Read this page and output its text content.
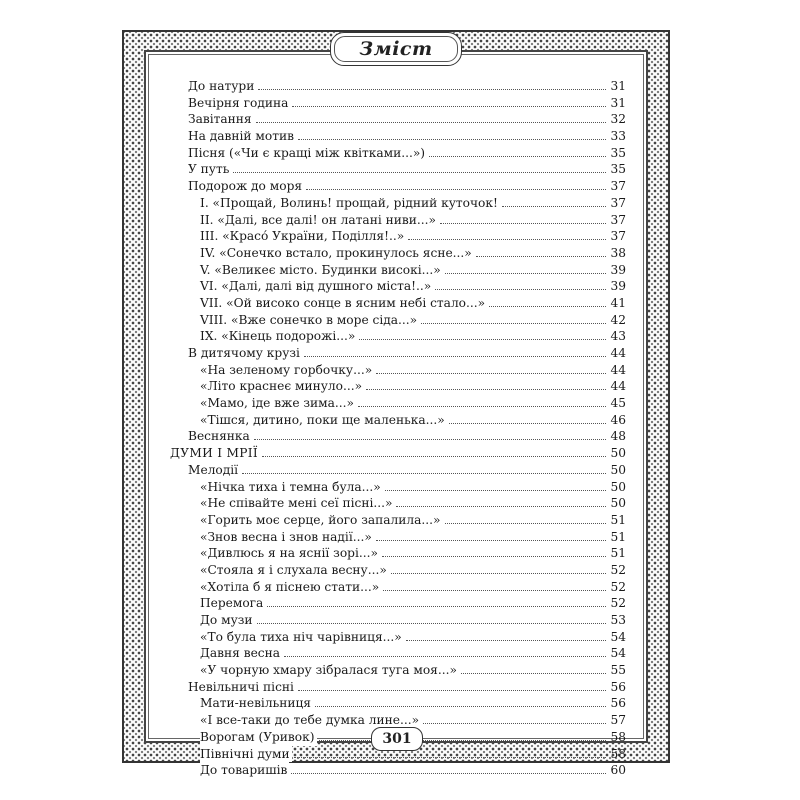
Зміст
До натури	31
Вечірня година	31
Завітання	32
На давній мотив	33
Пісня («Чи є кращі між квітками...»)	35
У путь	35
Подорож до моря	37
I. «Прощай, Волинь! прощай, рідний куточок!	37
II. «Далі, все далі! он латані ниви...»	37
III. «Красо́ України, Поділля!..»	37
IV. «Сонечко встало, прокинулось ясне...»	38
V. «Великеє місто. Будинки високі...»	39
VI. «Далі, далі від душного міста!..»	39
VII. «Ой високо сонце в ясним небі стало...»	41
VIII. «Вже сонечко в море сіда...»	42
IX. «Кінець подорожі...»	43
В дитячому крузі	44
«На зеленому горбочку...»	44
«Літо краснеє минуло...»	44
«Мамо, іде вже зима...»	45
«Тішся, дитино, поки ще маленька...»	46
Веснянка	48
ДУМИ І МРІЇ	50
Мелодії	50
«Нічка тиха і темна була...»	50
«Не співайте мені сеї пісні...»	50
«Горить моє серце, його запалила...»	51
«Знов весна і знов надії...»	51
«Дивлюсь я на яснії зорі...»	51
«Стояла я і слухала весну...»	52
«Хотіла б я піснею стати...»	52
Перемога	52
До музи	53
«То була тиха ніч чарівниця...»	54
Давня весна	54
«У чорную хмару зібралася туга моя...»	55
Невільничі пісні	56
Мати-невільниця	56
«І все-таки до тебе думка лине...»	57
Ворогам (Уривок)	58
Північні думи	58
До товаришів	60
301
